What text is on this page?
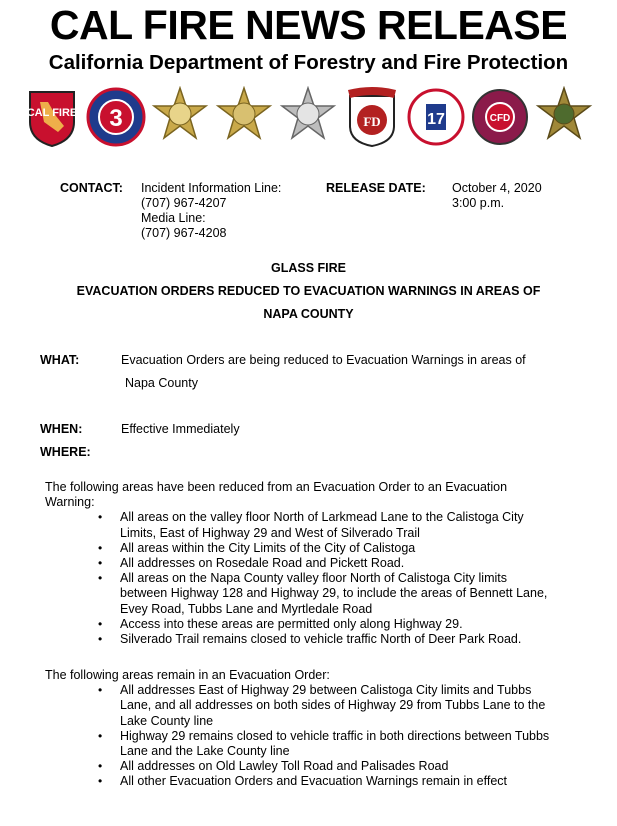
CAL FIRE NEWS RELEASE
California Department of Forestry and Fire Protection
CAL FIRE 3	FD	17	CFD
CONTACT: Incident Information Line:
(707) 967-4207
Media Line:
(707) 967-4208
RELEASE DATE: October 4, 2020
3:00 p.m.
GLASS FIRE
EVACUATION ORDERS REDUCED TO EVACUATION WARNINGS IN AREAS OF
NAPA COUNTY
WHAT:	Evacuation Orders are being reduced to Evacuation Warnings in areas of
Napa County
WHEN:	Effective Immediately
WHERE:
The following areas have been reduced from an Evacuation Order to an Evacuation
Warning:
• All areas on the valley floor North of Larkmead Lane to the Calistoga City
Limits, East of Highway 29 and West of Silverado Trail
• All areas within the City Limits of the City of Calistoga
• All addresses on Rosedale Road and Pickett Road.
• All areas on the Napa County valley floor North of Calistoga City limits
between Highway 128 and Highway 29, to include the areas of Bennett Lane,
Evey Road, Tubbs Lane and Myrtledale Road
• Access into these areas are permitted only along Highway 29.
• Silverado Trail remains closed to vehicle traffic North of Deer Park Road.
The following areas remain in an Evacuation Order:
• All addresses East of Highway 29 between Calistoga City limits and Tubbs
Lane, and all addresses on both sides of Highway 29 from Tubbs Lane to the
Lake County line
• Highway 29 remains closed to vehicle traffic in both directions between Tubbs
Lane and the Lake County line
• All addresses on Old Lawley Toll Road and Palisades Road
• All other Evacuation Orders and Evacuation Warnings remain in effect
